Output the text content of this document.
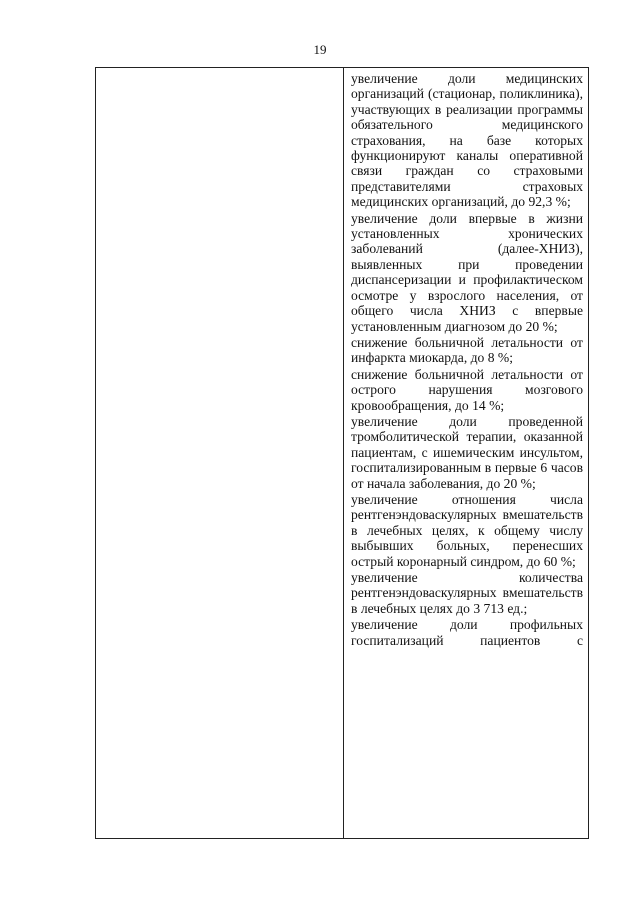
19

увеличение доли медицинских организаций (стационар, поликлиника), участвующих в реализации программы обязательного медицинского страхования, на базе которых функционируют каналы оперативной связи граждан со страховыми представителями страховых медицинских организаций, до 92,3 %;

увеличение доли впервые в жизни установленных хронических заболеваний (далее-ХНИЗ), выявленных при проведении диспансеризации и профилактическом осмотре у взрослого населения, от общего числа ХНИЗ с впервые установленным диагнозом до 20 %;

снижение больничной летальности от инфаркта миокарда, до 8 %;

снижение больничной летальности от острого нарушения мозгового кровообращения, до 14 %;

увеличение доли проведенной тромболитической терапии, оказанной пациентам, с ишемическим инсультом, госпитализированным в первые 6 часов от начала заболевания, до 20 %;

увеличение отношения числа рентгенэндоваскулярных вмешательств в лечебных целях, к общему числу выбывших больных, перенесших острый коронарный синдром, до 60 %;

увеличение количества рентгенэндоваскулярных вмешательств в лечебных целях до 3 713 ед.;

увеличение доли профильных госпитализаций пациентов с
